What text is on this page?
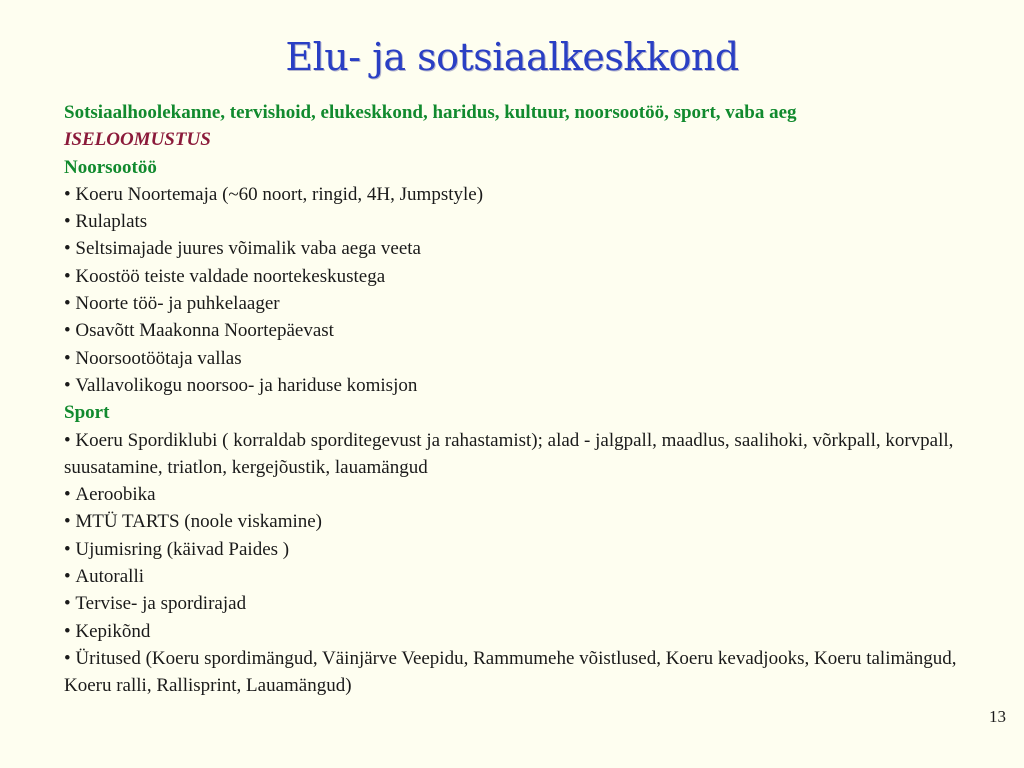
Elu- ja sotsiaalkeskkond

Sotsiaalhoolekanne, tervishoid, elukeskkond, haridus, kultuur, noorsootöö, sport, vaba aeg

ISELOOMUSTUS

Noorsootöö

• Koeru Noortemaja (~60 noort, ringid, 4H, Jumpstyle)

• Rulaplats

• Seltsimajade juures võimalik vaba aega veeta

• Koostöö teiste valdade noortekeskustega

• Noorte töö- ja puhkelaager

• Osavõtt Maakonna Noortepäevast

• Noorsootöötaja vallas

• Vallavolikogu noorsoo- ja hariduse komisjon

Sport

• Koeru Spordiklubi ( korraldab sporditegevust ja rahastamist); alad - jalgpall, maadlus, saalihoki, võrkpall, korvpall, suusatamine, triatlon, kergejõustik, lauamängud

• Aeroobika

• MTÜ TARTS (noole viskamine)

• Ujumisring (käivad Paides )

• Autoralli

• Tervise- ja spordirajad

• Kepikõnd

• Üritused (Koeru spordimängud, Väinjärve Veepidu, Rammumehe võistlused, Koeru kevadjooks, Koeru talimängud, Koeru ralli, Rallisprint, Lauamängud)

13
